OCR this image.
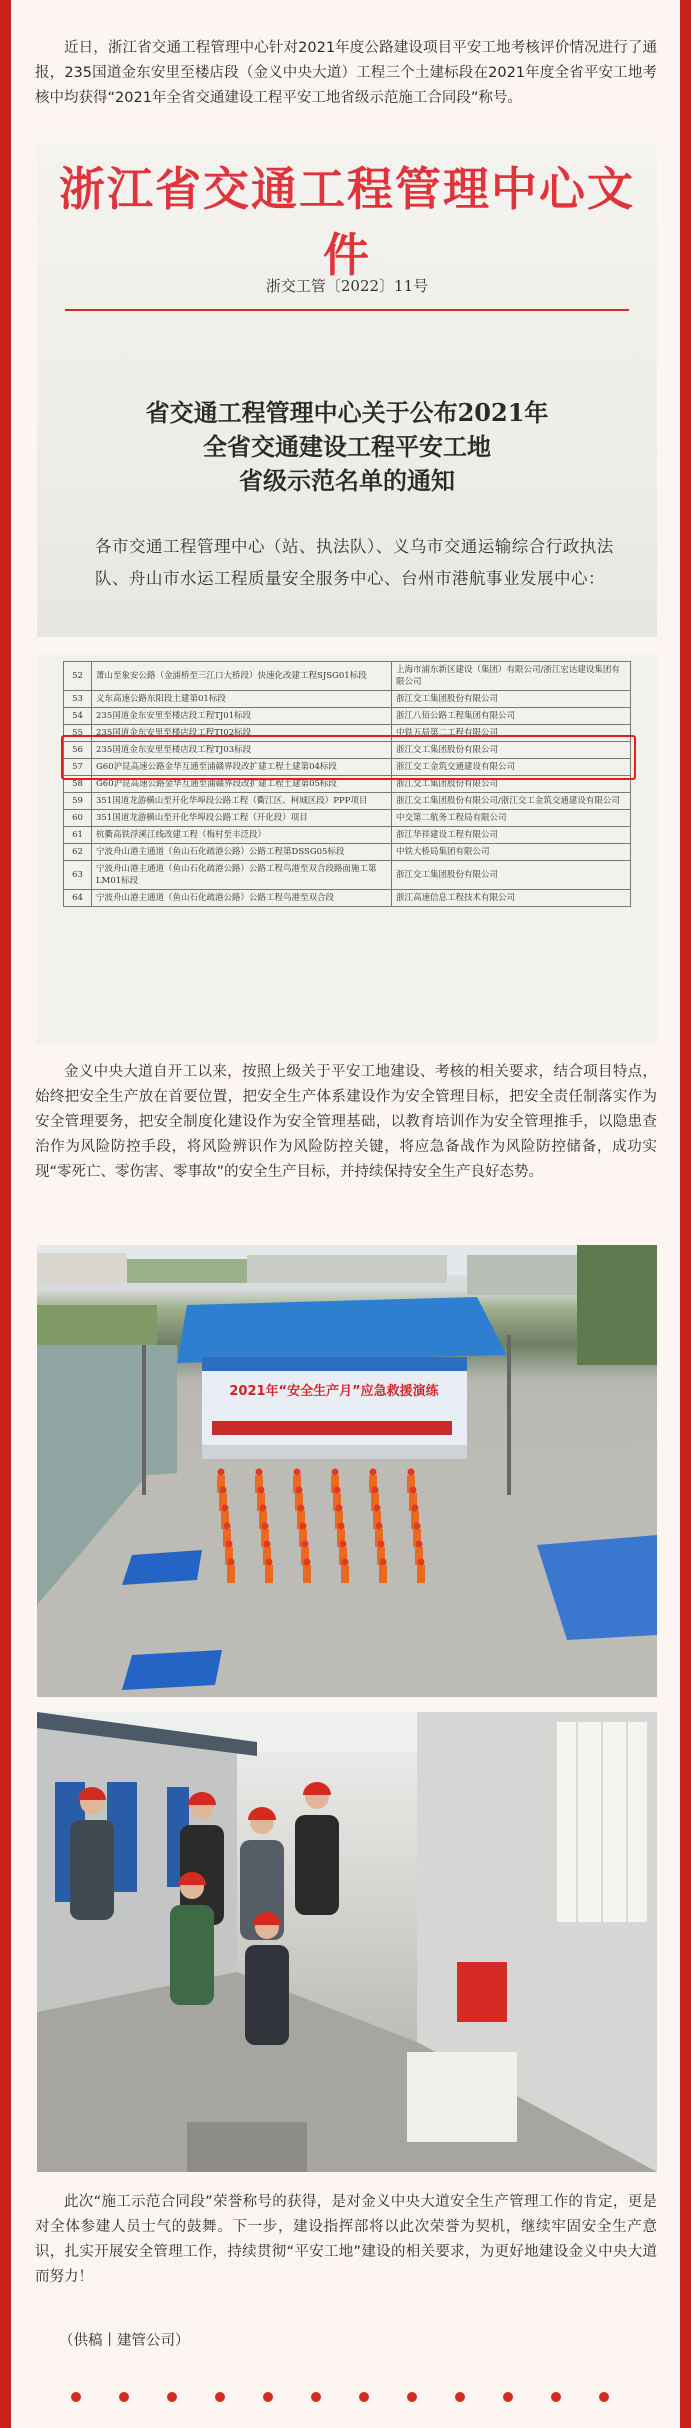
近日，浙江省交通工程管理中心针对2021年度公路建设项目平安工地考核评价情况进行了通报，235国道金东安里至楼店段（金义中央大道）工程三个土建标段在2021年度全省平安工地考核中均获得“2021年全省交通建设工程平安工地省级示范施工合同段”称号。

浙江省交通工程管理中心文件
浙交工管〔2022〕11号
省交通工程管理中心关于公布2021年
全省交通建设工程平安工地
省级示范名单的通知
各市交通工程管理中心（站、执法队）、义乌市交通运输综合行政执法队、舟山市水运工程质量安全服务中心、台州市港航事业发展中心：
52	萧山至象安公路（金浦桥至三江口大桥段）快速化改建工程SJSG01标段	上海市浦东新区建设（集团）有限公司/浙江宏达建设集团有限公司
53	义东高速公路东阳段土建第01标段	浙江交工集团股份有限公司
54	235国道金东安里至楼店段工程TJ01标段	浙江八佰公路工程集团有限公司
55	235国道金东安里至楼店段工程TJ02标段	中铁五局第二工程有限公司
56	235国道金东安里至楼店段工程TJ03标段	浙江交工集团股份有限公司
57	G60沪昆高速公路金华互通至浦赣界段改扩建工程土建第04标段	浙江交工金筑交通建设有限公司
58	G60沪昆高速公路金华互通至浦赣界段改扩建工程土建第05标段	浙江交工集团股份有限公司
59	351国道龙游横山至开化华埠段公路工程（衢江区、柯城区段）PPP项目	浙江交工集团股份有限公司/浙江交工金筑交通建设有限公司
60	351国道龙游横山至开化华埠段公路工程（开化段）项目	中交第二航务工程局有限公司
61	杭衢高铁浮溪江线改建工程（梅村至丰泛段）	浙江华祥建设工程有限公司
62	宁波舟山港主通道（鱼山石化疏港公路）公路工程第DSSG05标段	中铁大桥局集团有限公司
63	宁波舟山港主通道（鱼山石化疏港公路）公路工程鸟港至双合段路面施工第LM01标段	浙江交工集团股份有限公司
64	宁波舟山港主通道（鱼山石化疏港公路）公路工程鸟港至双合段	浙江高速信息工程技术有限公司

金义中央大道自开工以来，按照上级关于平安工地建设、考核的相关要求，结合项目特点，始终把安全生产放在首要位置，把安全生产体系建设作为安全管理目标，把安全责任制落实作为安全管理要务，把安全制度化建设作为安全管理基础，以教育培训作为安全管理推手，以隐患查治作为风险防控手段，将风险辨识作为风险防控关键，将应急备战作为风险防控储备，成功实现“零死亡、零伤害、零事故”的安全生产目标，并持续保持安全生产良好态势。

2021年“安全生产月”应急救援演练

此次“施工示范合同段”荣誉称号的获得，是对金义中央大道安全生产管理工作的肯定，更是对全体参建人员士气的鼓舞。下一步，建设指挥部将以此次荣誉为契机，继续牢固安全生产意识，扎实开展安全管理工作，持续贯彻“平安工地”建设的相关要求，为更好地建设金义中央大道而努力！

（供稿丨建管公司）
